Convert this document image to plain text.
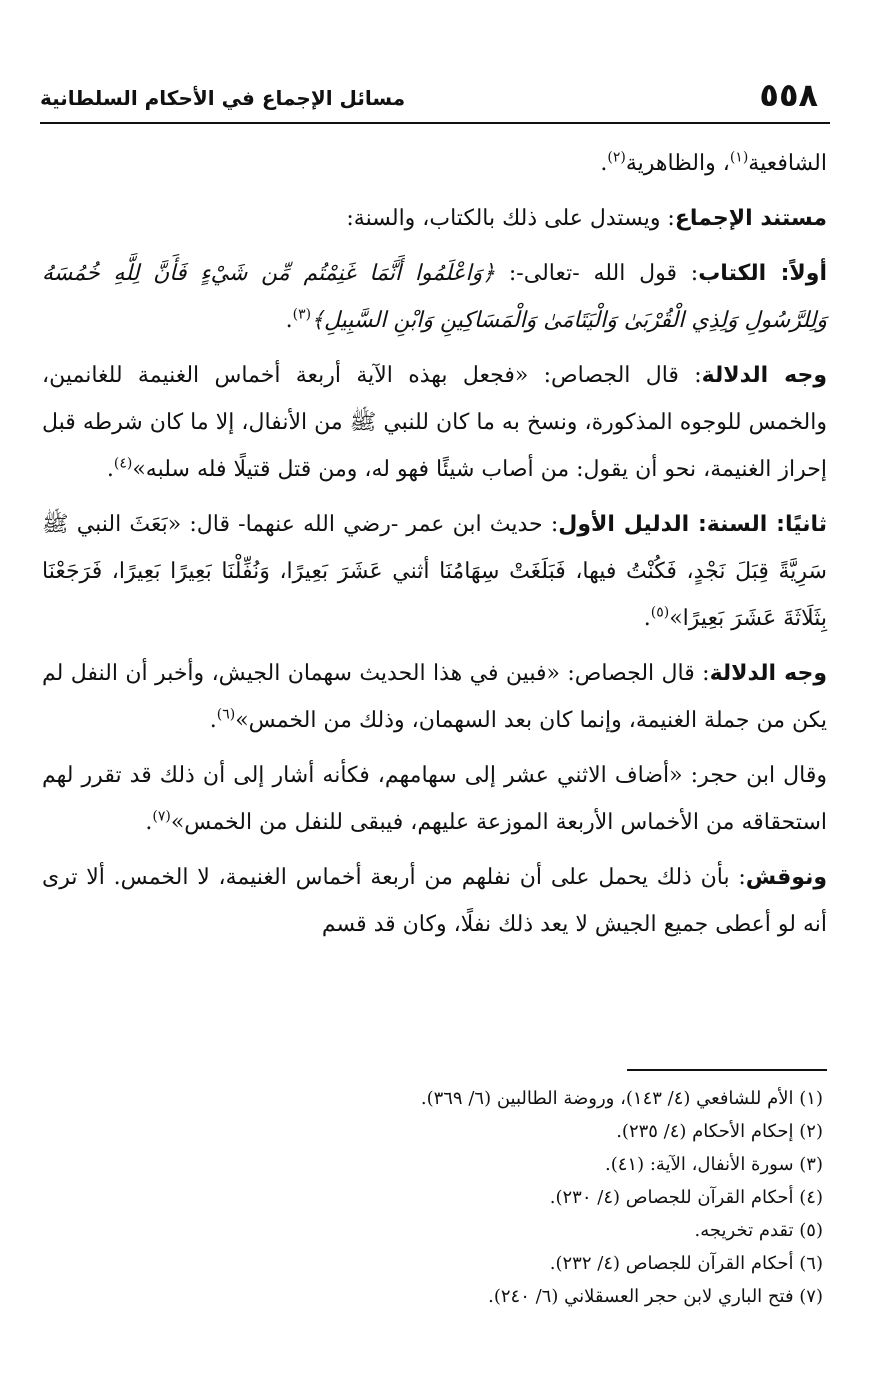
٥٥٨
مسائل الإجماع في الأحكام السلطانية

الشافعية$^{(١)}$، والظاهرية$^{(٢)}$.

مستند الإجماع: ويستدل على ذلك بالكتاب، والسنة:

أولاً: الكتاب: قول الله -تعالى-: ﴿وَاعْلَمُوا أَنَّمَا غَنِمْتُم مِّن شَيْءٍ فَأَنَّ لِلَّهِ خُمُسَهُ وَلِلرَّسُولِ وَلِذِي الْقُرْبَىٰ وَالْيَتَامَىٰ وَالْمَسَاكِينِ وَابْنِ السَّبِيلِ﴾$^{(٣)}$.

وجه الدلالة: قال الجصاص: «فجعل بهذه الآية أربعة أخماس الغنيمة للغانمين، والخمس للوجوه المذكورة، ونسخ به ما كان للنبي ﷺ من الأنفال، إلا ما كان شرطه قبل إحراز الغنيمة، نحو أن يقول: من أصاب شيئًا فهو له، ومن قتل قتيلًا فله سلبه»$^{(٤)}$.

ثانيًا: السنة: الدليل الأول: حديث ابن عمر -رضي الله عنهما- قال: «بَعَثَ النبي ﷺ سَرِيَّةً قِبَلَ نَجْدٍ، فَكُنْتُ فيها، فَبَلَغَتْ سِهَامُنَا أثني عَشَرَ بَعِيرًا، وَنُفِّلْنَا بَعِيرًا بَعِيرًا، فَرَجَعْنَا بِثَلَاثَةَ عَشَرَ بَعِيرًا»$^{(٥)}$.

وجه الدلالة: قال الجصاص: «فبين في هذا الحديث سهمان الجيش، وأخبر أن النفل لم يكن من جملة الغنيمة، وإنما كان بعد السهمان، وذلك من الخمس»$^{(٦)}$.

وقال ابن حجر: «أضاف الاثني عشر إلى سهامهم، فكأنه أشار إلى أن ذلك قد تقرر لهم استحقاقه من الأخماس الأربعة الموزعة عليهم، فيبقى للنفل من الخمس»$^{(٧)}$.

ونوقش: بأن ذلك يحمل على أن نفلهم من أربعة أخماس الغنيمة، لا الخمس. ألا ترى أنه لو أعطى جميع الجيش لا يعد ذلك نفلًا، وكان قد قسم

(١) الأم للشافعي (٤/ ١٤٣)، وروضة الطالبين (٦/ ٣٦٩).
(٢) إحكام الأحكام (٤/ ٢٣٥).
(٣) سورة الأنفال، الآية: (٤١).
(٤) أحكام القرآن للجصاص (٤/ ٢٣٠).
(٥) تقدم تخريجه.
(٦) أحكام القرآن للجصاص (٤/ ٢٣٢).
(٧) فتح الباري لابن حجر العسقلاني (٦/ ٢٤٠).
